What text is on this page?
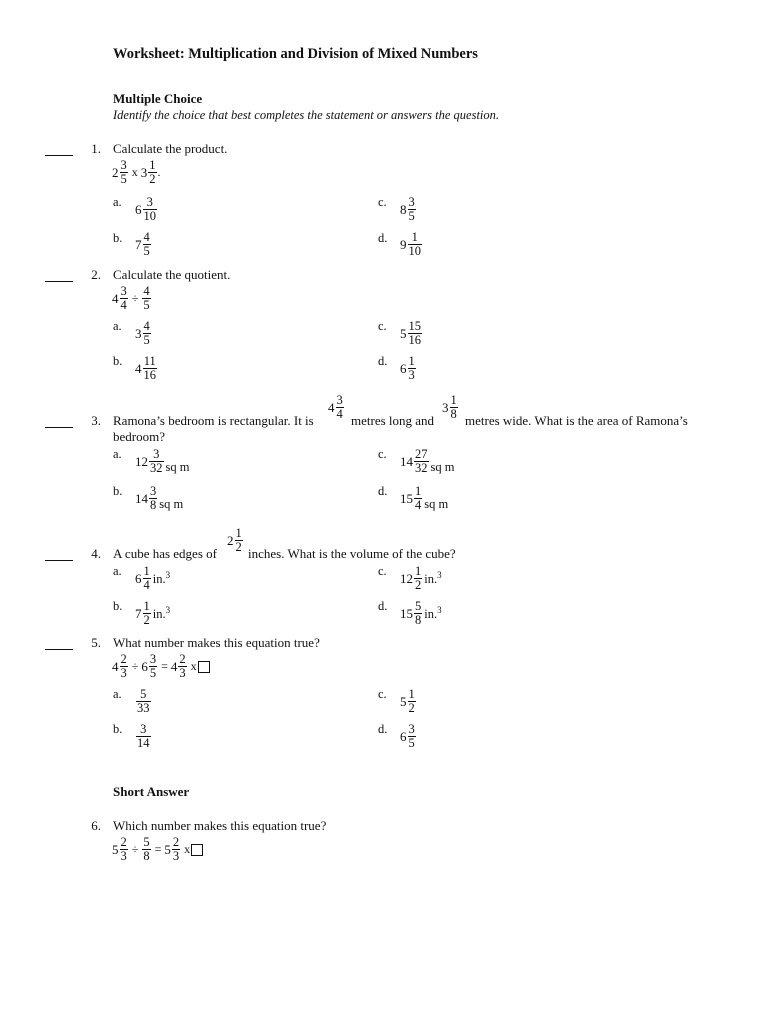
Worksheet: Multiplication and Division of Mixed Numbers
Multiple Choice
Identify the choice that best completes the statement or answers the question.
1. Calculate the product.
$2 \frac{3}{5}$ x $3 \frac{1}{2}$ .
a. $6 \frac{3}{10}$
b. $7 \frac{4}{5}$
c. $8 \frac{3}{5}$
d. $9 \frac{1}{10}$
2. Calculate the quotient.
$4 \frac{3}{4} \div \frac{4}{5}$
a. $3 \frac{4}{5}$
b. $4 \frac{11}{16}$
c. $5 \frac{15}{16}$
d. $6 \frac{1}{3}$
3. Ramona’s bedroom is rectangular. It is
$4 \frac{3}{4}$ metres long and
$3 \frac{1}{8}$ metres wide. What is the area of Ramona’s
bedroom?
a. $12 \frac{3}{32}$ sq m
b. $14 \frac{3}{8}$ sq m
c. $14 \frac{27}{32}$ sq m
d. $15 \frac{1}{4}$ sq m
4. A cube has edges of
$2 \frac{1}{2}$ inches. What is the volume of the cube?
a. $6 \frac{1}{4} in.^3$
b. $7 \frac{1}{2} in.^3$
c. $12 \frac{1}{2} in.^3$
d. $15 \frac{5}{8} in.^3$
5. What number makes this equation true?
$4 \frac{2}{3} \div 6 \frac{3}{5} = 4 \frac{2}{3}$ x
a. $\frac{5}{33}$
b. $\frac{3}{14}$
c. $5 \frac{1}{2}$
d. $6 \frac{3}{5}$
Short Answer
6. Which number makes this equation true?
$5 \frac{2}{3} \div \frac{5}{8} = 5 \frac{2}{3}$ x
